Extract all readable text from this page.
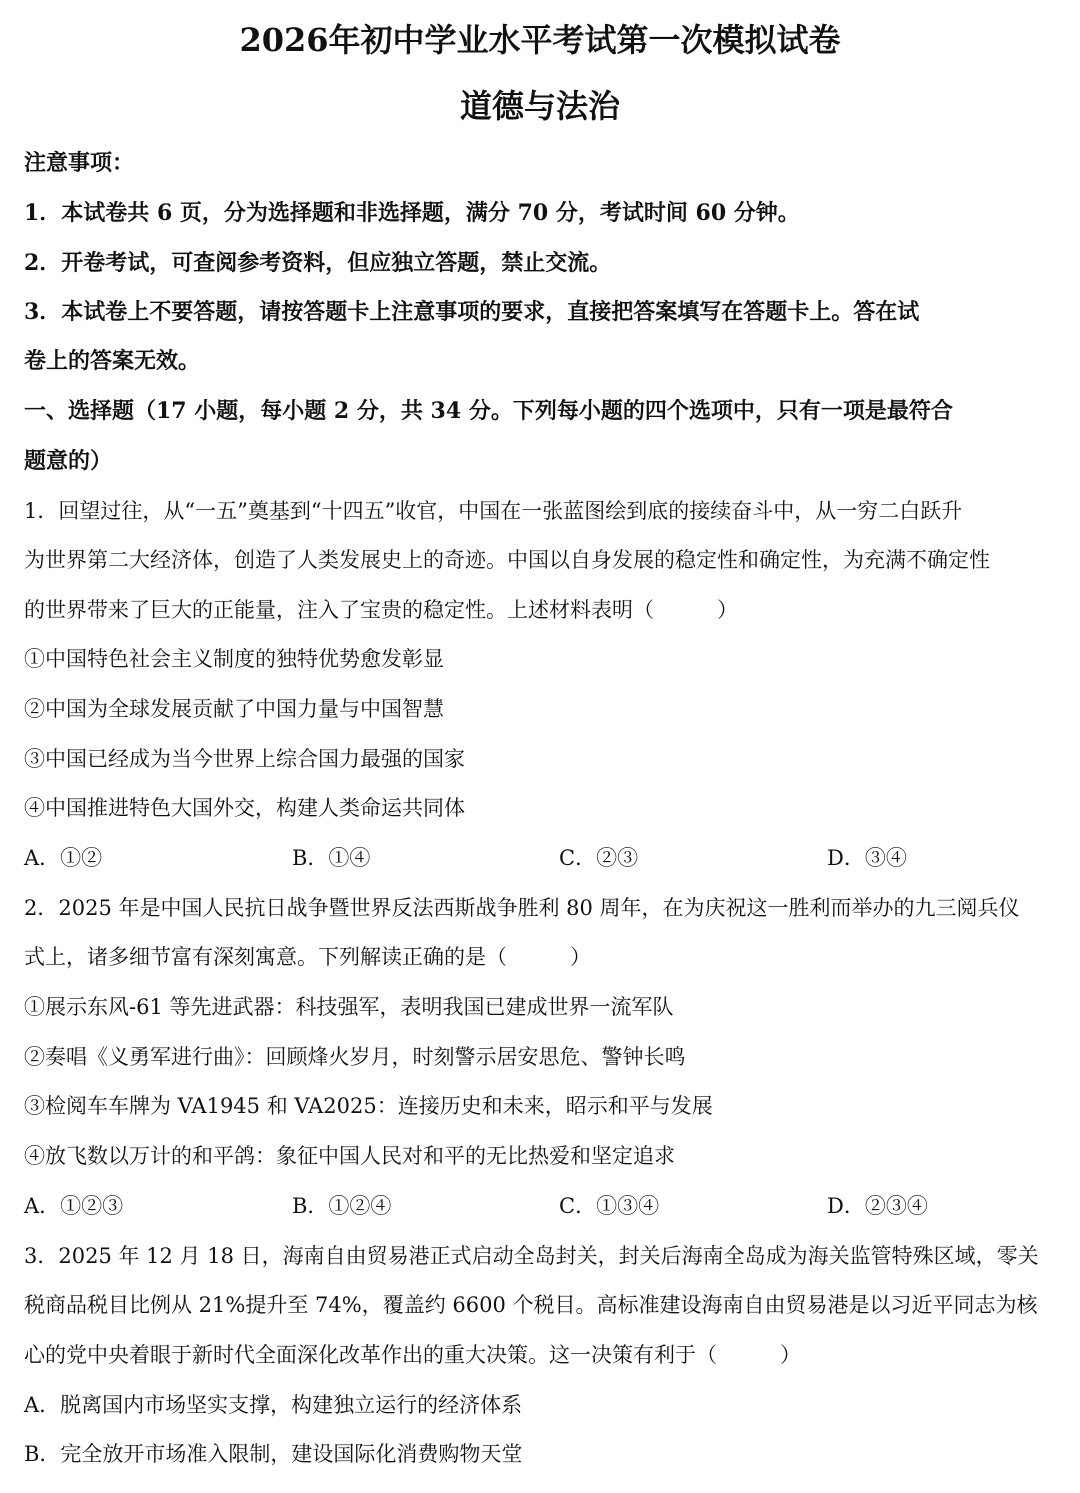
2026年初中学业水平考试第一次模拟试卷
道德与法治

注意事项：

1．本试卷共 6 页，分为选择题和非选择题，满分 70 分，考试时间 60 分钟。

2．开卷考试，可查阅参考资料，但应独立答题，禁止交流。

3．本试卷上不要答题，请按答题卡上注意事项的要求，直接把答案填写在答题卡上。答在试

卷上的答案无效。

一、选择题（17 小题，每小题 2 分，共 34 分。下列每小题的四个选项中，只有一项是最符合

题意的）

1．回望过往，从“一五”奠基到“十四五”收官，中国在一张蓝图绘到底的接续奋斗中，从一穷二白跃升

为世界第二大经济体，创造了人类发展史上的奇迹。中国以自身发展的稳定性和确定性，为充满不确定性

的世界带来了巨大的正能量，注入了宝贵的稳定性。上述材料表明（　　　）

①中国特色社会主义制度的独特优势愈发彰显

②中国为全球发展贡献了中国力量与中国智慧

③中国已经成为当今世界上综合国力最强的国家

④中国推进特色大国外交，构建人类命运共同体

A．①②	B．①④	C．②③	D．③④

2．2025 年是中国人民抗日战争暨世界反法西斯战争胜利 80 周年，在为庆祝这一胜利而举办的九三阅兵仪

式上，诸多细节富有深刻寓意。下列解读正确的是（　　　）

①展示东风-61 等先进武器：科技强军，表明我国已建成世界一流军队

②奏唱《义勇军进行曲》：回顾烽火岁月，时刻警示居安思危、警钟长鸣

③检阅车车牌为 VA1945 和 VA2025：连接历史和未来，昭示和平与发展

④放飞数以万计的和平鸽：象征中国人民对和平的无比热爱和坚定追求

A．①②③	B．①②④	C．①③④	D．②③④

3．2025 年 12 月 18 日，海南自由贸易港正式启动全岛封关，封关后海南全岛成为海关监管特殊区域，零关

税商品税目比例从 21%提升至 74%，覆盖约 6600 个税目。高标准建设海南自由贸易港是以习近平同志为核

心的党中央着眼于新时代全面深化改革作出的重大决策。这一决策有利于（　　　）

A．脱离国内市场坚实支撑，构建独立运行的经济体系

B．完全放开市场准入限制，建设国际化消费购物天堂
